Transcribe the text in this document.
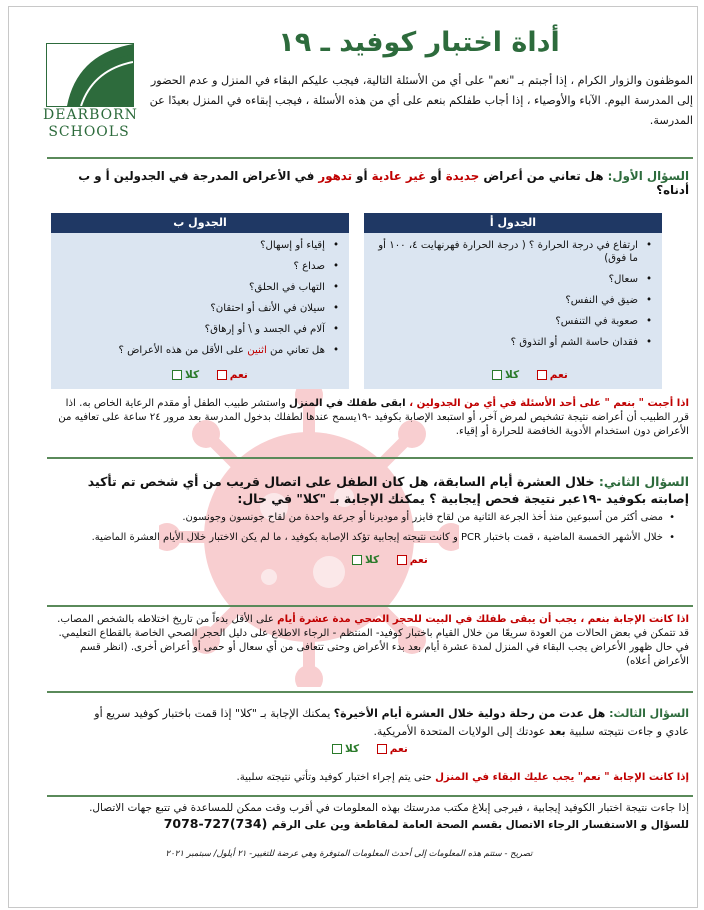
DEARBORN
SCHOOLS
أداة اختبار كوفيد ـ ١٩
الموظفون والزوار الكرام ، إذا أجبتم بـ "نعم" على أي من الأسئلة التالية، فيجب عليكم البقاء في المنزل و عدم الحضور إلى المدرسة اليوم. الآباء والأوصياء ، إذا أجاب طفلكم بنعم على أي من هذه الأسئلة ، فيجب إبقاءه في المنزل بعيدًا عن المدرسة.
السؤال الأول: هل تعاني من أعراض جديدة أو غير عادية أو تدهور في الأعراض المدرجة في الجدولين أ و ب أدناه؟
الجدول أ
• ارتفاع في درجة الحرارة ؟ ( درجة الحرارة فهرنهايت ٤، ١٠٠ أو ما فوق)
• سعال؟
• ضيق في النفس؟
• صعوبة في التنفس؟
• فقدان حاسة الشم أو التذوق ؟
نعم    كلا
الجدول ب
• إقياء أو إسهال؟
• صداع ؟
• التهاب في الحلق؟
• سيلان في الأنف أو احتقان؟
• آلام في الجسد و \ أو إرهاق؟
• هل تعاني من اثنين على الأقل من هذه الأعراض ؟
نعم    كلا
اذا أجبت " بنعم " على أحد الأسئلة في أي من الجدولين ، ابقى طفلك في المنزل واستشر طبيب الطفل أو مقدم الرعاية الخاص به. اذا قرر الطبيب أن أعراضه نتيجة تشخيص لمرض آخر، أو استبعد الإصابة بكوفيد -١٩يسمح عندها لطفلك بدخول المدرسة بعد مرور ٢٤ ساعة على تعافيه من الأعراض دون استخدام الأدوية الخافضة للحرارة أو إقياء.
السؤال الثاني: خلال العشرة أيام السابقة، هل كان الطفل على اتصال قريب من أي شخص تم تأكيد إصابته بكوفيد -١٩عبر نتيجة فحص إيجابية ؟ يمكنك الإجابة بـ "كلا" في حال:
• مضى أكثر من أسبوعين منذ أخذ الجرعة الثانية من لقاح فايزر أو موديرنا أو جرعة واحدة من لقاح جونسون وجونسون.
• خلال الأشهر الخمسة الماضية ، قمت باختبار PCR و كانت نتيجته إيجابية تؤكد الإصابة بكوفيد ، ما لم يكن الاختبار خلال الأيام العشرة الماضية.
نعم    كلا
اذا كانت الإجابة بنعم ، يجب أن يبقى طفلك في البيت للحجر الصحي مدة عشرة أيام على الأقل بدءاً من تاريخ اختلاطه بالشخص المصاب. قد تتمكن في بعض الحالات من العودة سريعًا من خلال القيام باختبار كوفيد- المنتظم - الرجاء الاطلاع على دليل الحجر الصحي الخاصة بالقطاع التعليمي. في حال ظهور الأعراض يجب البقاء في المنزل لمدة عشرة أيام بعد بدء الأعراض وحتى تتعافى من أي سعال أو حمى أو أعراض أخرى. (انظر قسم الأعراض أعلاه)
السؤال الثالث: هل عدت من رحلة دولية خلال العشرة أيام الأخيرة؟ يمكنك الإجابة بـ "كلا" إذا قمت باختبار كوفيد سريع أو عادي و جاءت نتيجته سلبية بعد عودتك إلى الولايات المتحدة الأمريكية.
نعم    كلا
إذا كانت الإجابة " نعم" يجب عليك البقاء في المنزل حتى يتم إجراء اختبار كوفيد وتأتي نتيجته سلبية.
إذا جاءت نتيجة اختبار الكوفيد إيجابية ، فيرجى إبلاغ مكتب مدرستك بهذه المعلومات في أقرب وقت ممكن للمساعدة في تتبع جهات الاتصال. للسؤال و الاستفسار الرجاء الاتصال بقسم الصحة العامة لمقاطعة وين على الرقم (734)727-7078
تصريح - ستتم هذه المعلومات إلى أحدث المعلومات المتوفرة وهي عرضة للتغيير- ٢١ أيلول/ سبتمبر ٢٠٢١
